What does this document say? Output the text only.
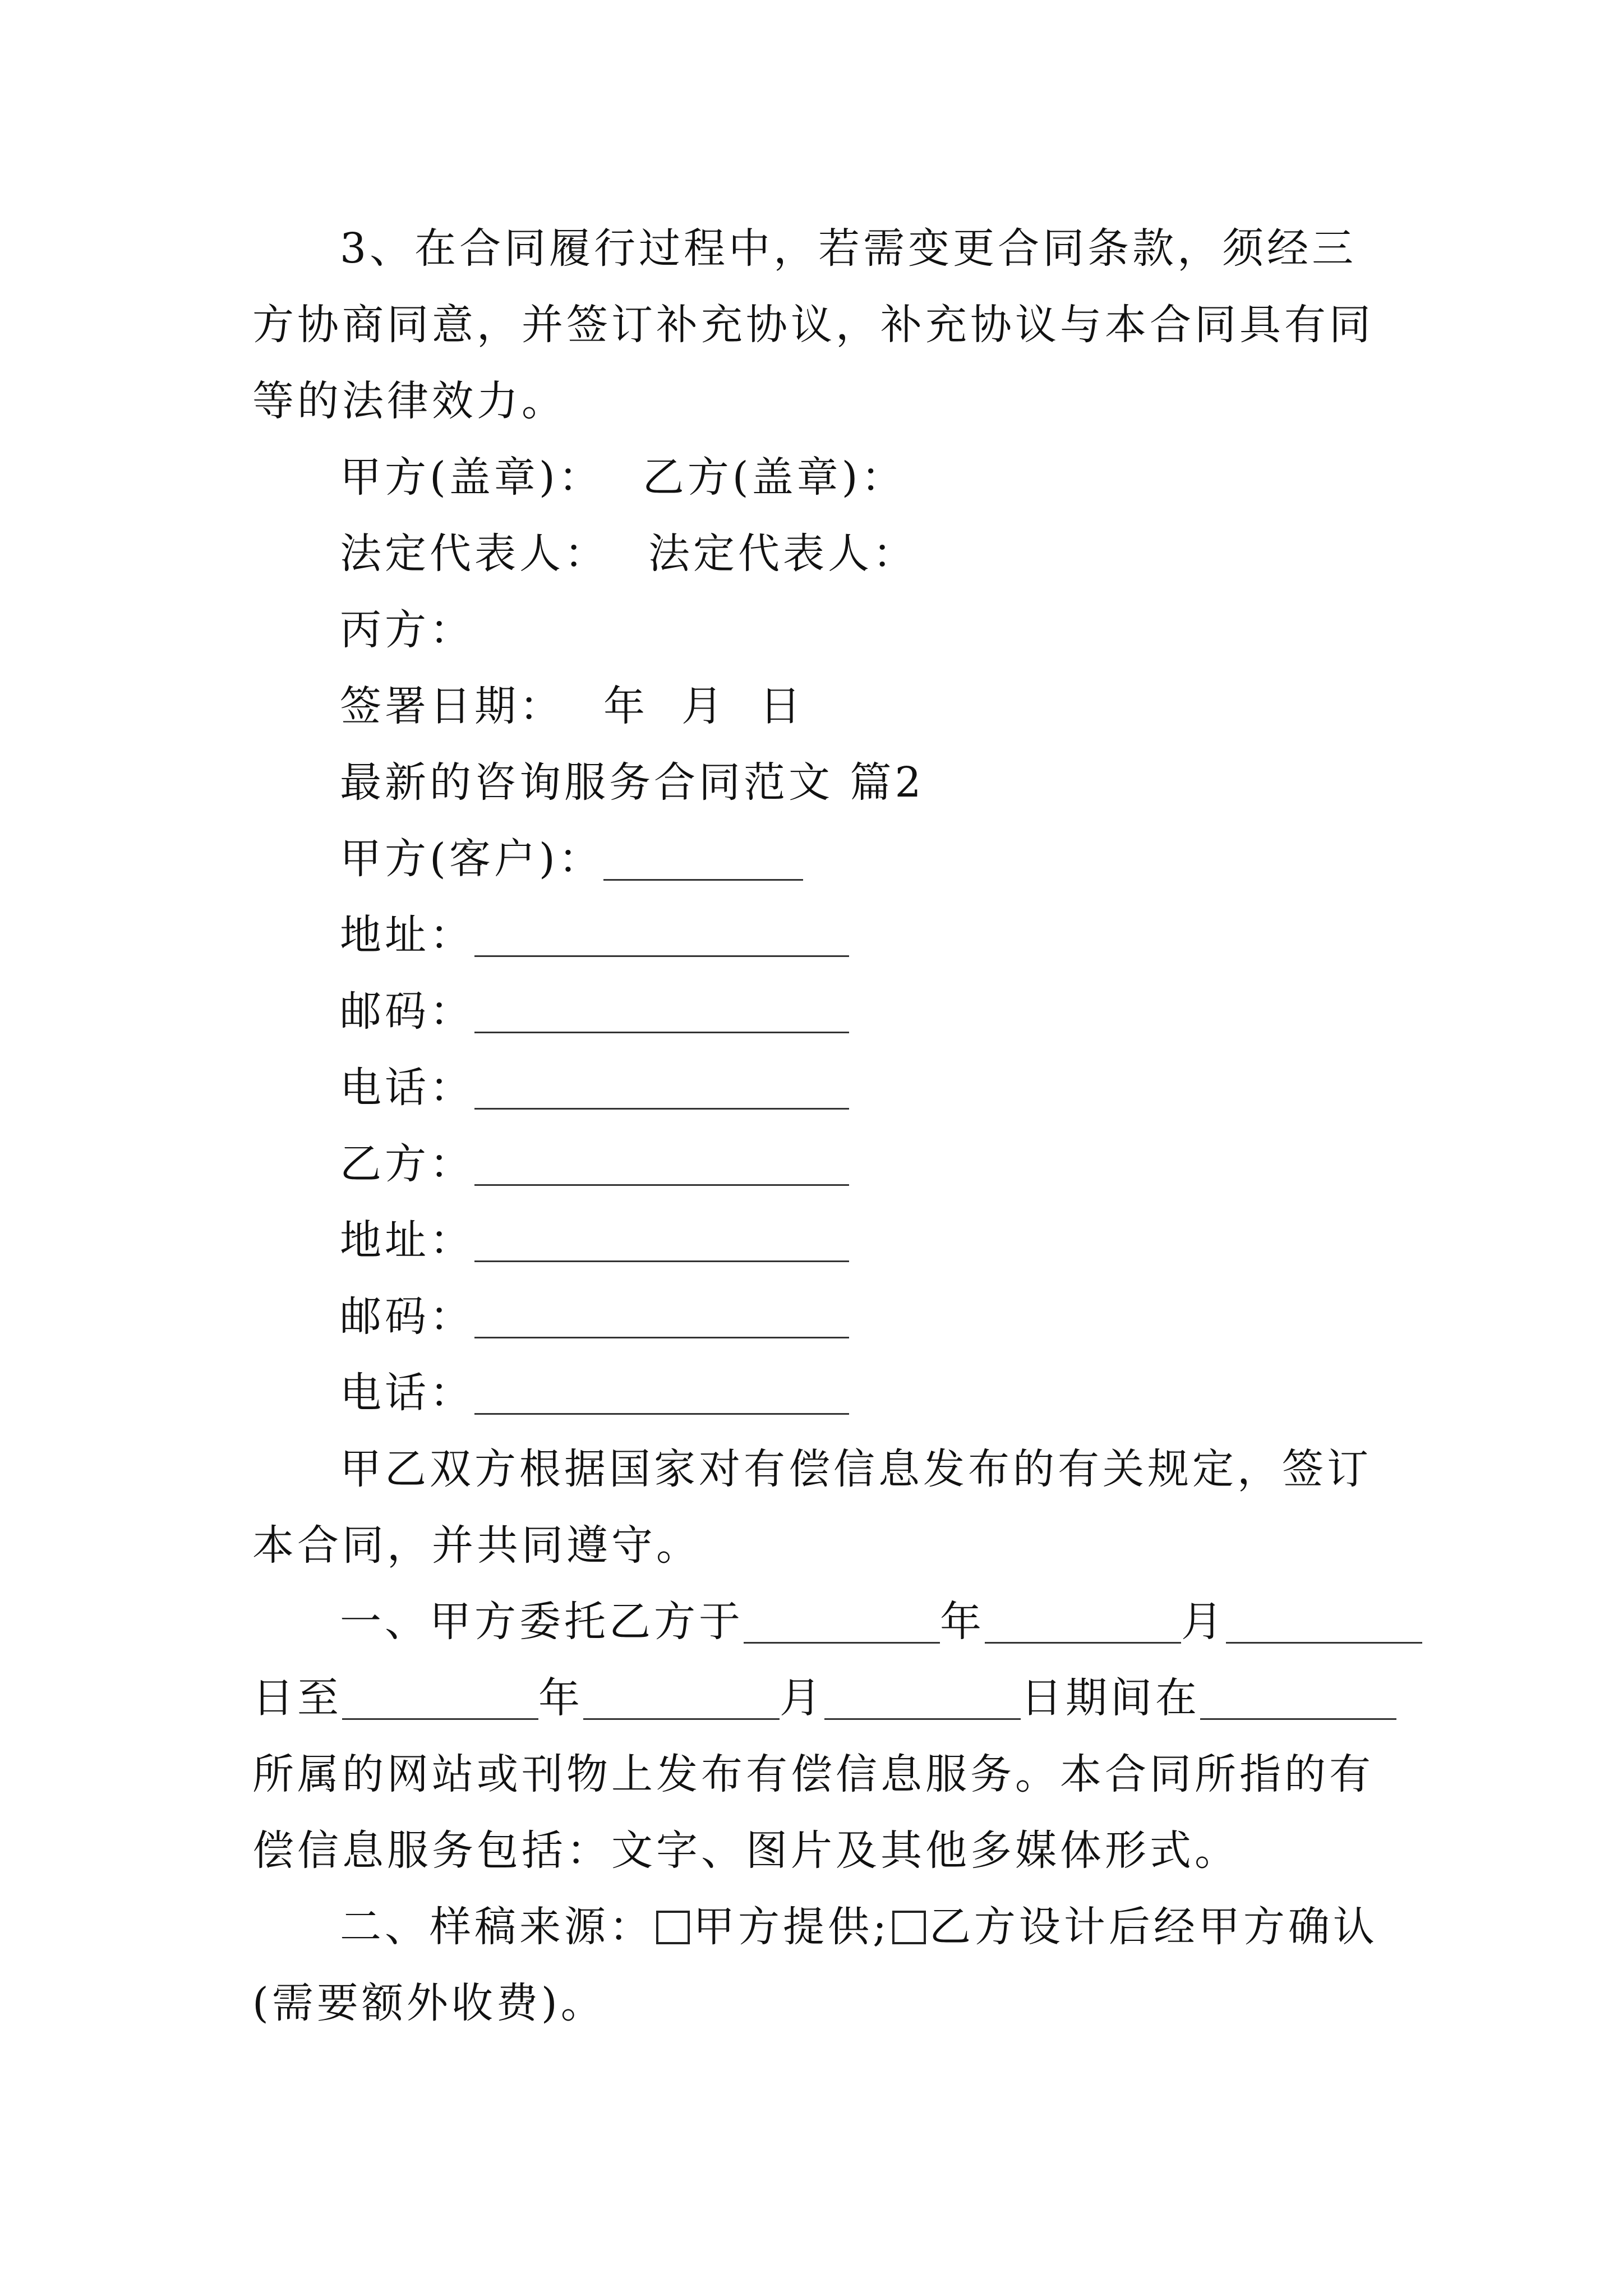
3、在合同履行过程中，若需变更合同条款，须经三方协商同意，并签订补充协议，补充协议与本合同具有同等的法律效力。

甲方(盖章)： 乙方(盖章)：

法定代表人： 法定代表人：

丙方：

签署日期： 年 月 日

最新的咨询服务合同范文 篇2

甲方(客户)：

地址：

邮码：

电话：

乙方：

地址：

邮码：

电话：

甲乙双方根据国家对有偿信息发布的有关规定，签订本合同，并共同遵守。

一、甲方委托乙方于	年	月

日至	年	月	日期间在

所属的网站或刊物上发布有偿信息服务。本合同所指的有偿信息服务包括：文字、图片及其他多媒体形式。

二、样稿来源： 甲方提供; 乙方设计后经甲方确认(需要额外收费)。
